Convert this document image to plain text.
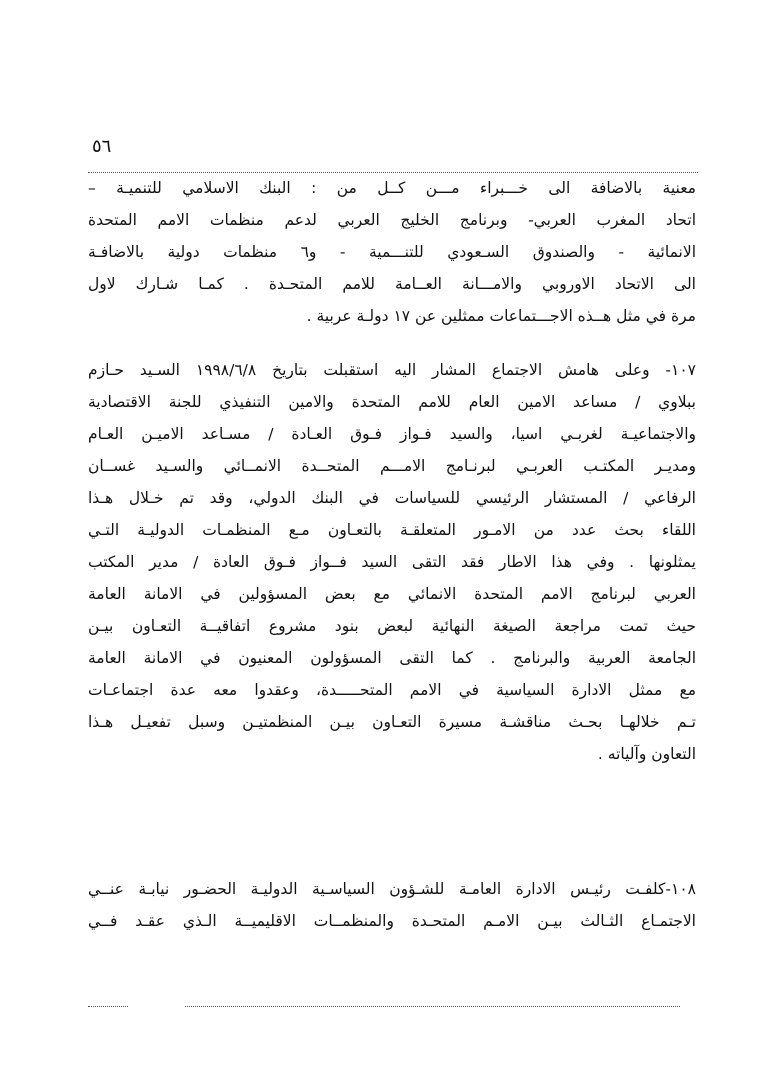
٥٦
معنية بالاضافة الى خـــبراء مـــن كــل من : البنك الاسلامي للتنميـة –
اتحاد المغرب العربي- وبرنامج الخليج العربي لدعم منظمات الامم المتحدة
الانمائية - والصندوق السـعودي للتنـــمية - و٦ منظمات دولية بالاضافـة
الى الاتحاد الاوروبي والامـــانة العــامة للامم المتحـدة . كمـا شـارك لاول
مرة في مثل هــذه الاجـــتماعات ممثلين عن ١٧ دولـة عربية .
١٠٧- وعلى هامش الاجتماع المشار اليه استقبلت بتاريخ ١٩٩٨/٦/٨ السـيد حـازم
ببلاوي / مساعد الامين العام للامم المتحدة والامين التنفيذي للجنة الاقتصادية
والاجتماعيـة لغربـي اسيا، والسيد فـواز فـوق العـادة / مسـاعد الاميـن العـام
ومديـر المكتـب العربـي لبرنـامج الامـــم المتحــدة الانمــائي والسـيد غســان
الرفاعي / المستشار الرئيسي للسياسات في البنك الدولي، وقد تم خـلال هـذا
اللقاء بحث عدد من الامـور المتعلقـة بالتعـاون مـع المنظمـات الدوليـة التـي
يمثلونها . وفي هذا الاطار فقد التقى السيد فــواز فـوق العادة / مدير المكتب
العربي لبرنامج الامم المتحدة الانمائي مع بعض المسؤولين في الامانة العامة
حيث تمت مراجعة الصيغة النهائية لبعض بنود مشروع اتفاقيــة التعـاون بيـن
الجامعة العربية والبرنامج . كما التقى المسؤولون المعنيون في الامانة العامة
مع ممثل الادارة السياسية في الامم المتحـــــدة، وعقدوا معه عدة اجتماعـات
تـم خلالهـا بحـث مناقشـة مسيرة التعـاون بيـن المنظمتيـن وسبل تفعيـل هـذا
التعاون وآلياته .
١٠٨-كلفـت رئيـس الادارة العامـة للشـؤون السياسـية الدوليـة الحضـور نيابـة عنــي
الاجتمـاع الثـالث بيـن الامـم المتحـدة والمنظمــات الاقليميــة الـذي عقـد فــي
